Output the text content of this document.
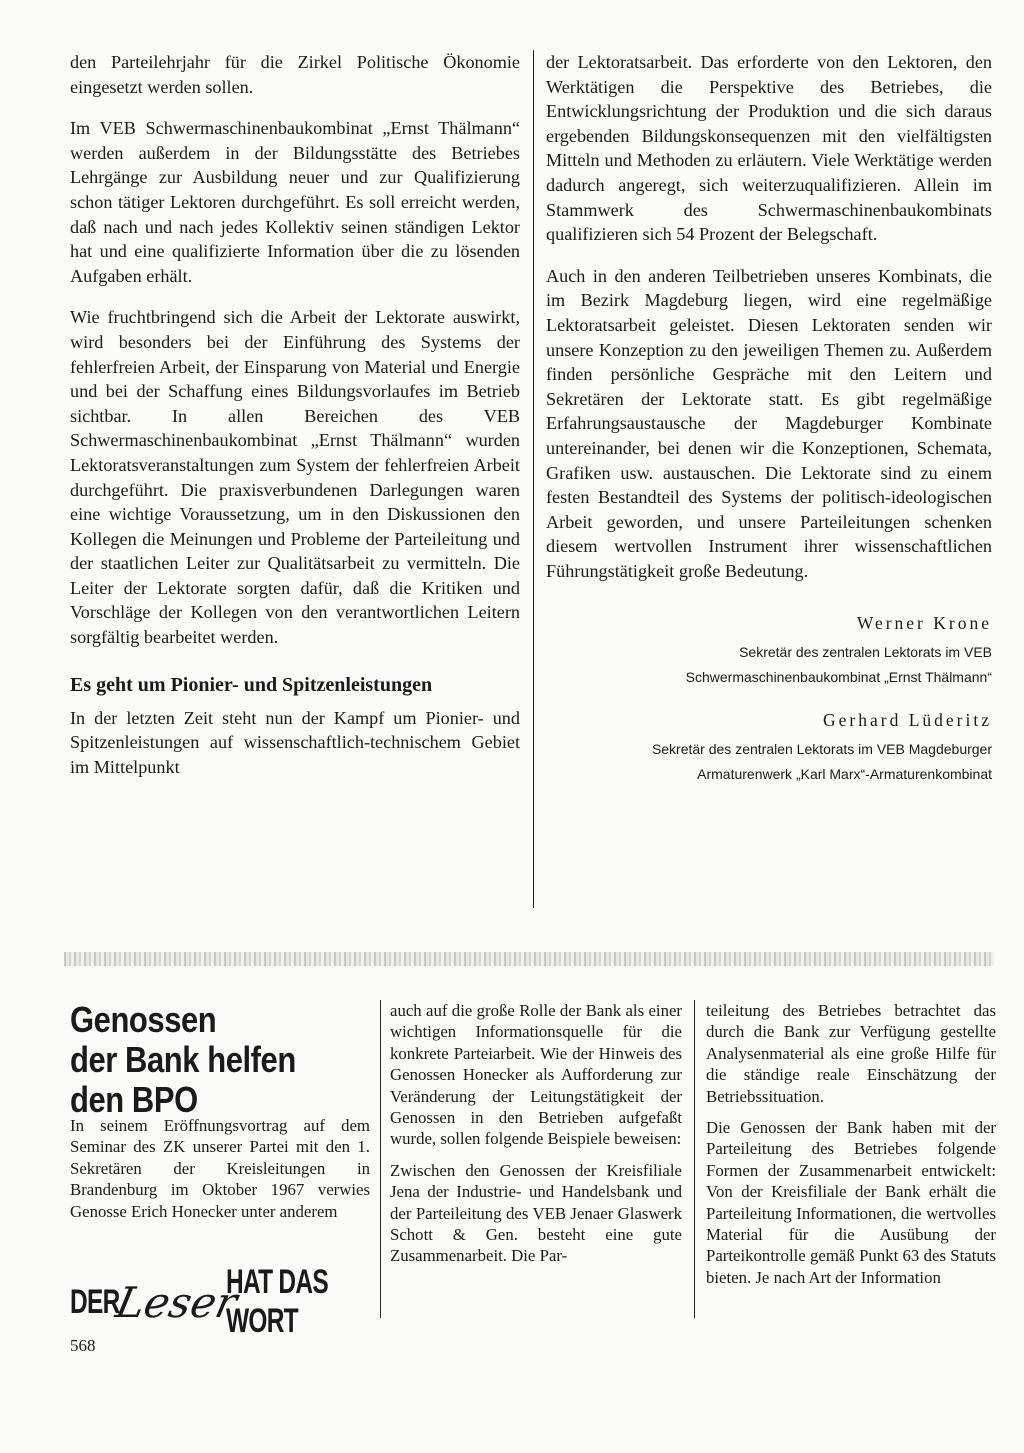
den Parteilehrjahr für die Zirkel Politische Ökonomie eingesetzt werden sollen.

Im VEB Schwermaschinenbaukombinat „Ernst Thälmann“ werden außerdem in der Bildungsstätte des Betriebes Lehrgänge zur Ausbildung neuer und zur Qualifizierung schon tätiger Lektoren durchgeführt. Es soll erreicht werden, daß nach und nach jedes Kollektiv seinen ständigen Lektor hat und eine qualifizierte Information über die zu lösenden Aufgaben erhält.

Wie fruchtbringend sich die Arbeit der Lektorate auswirkt, wird besonders bei der Einführung des Systems der fehlerfreien Arbeit, der Einsparung von Material und Energie und bei der Schaffung eines Bildungsvorlaufes im Betrieb sichtbar. In allen Bereichen des VEB Schwermaschinenbaukombinat „Ernst Thälmann“ wurden Lektoratsveranstaltungen zum System der fehlerfreien Arbeit durchgeführt. Die praxisverbundenen Darlegungen waren eine wichtige Voraussetzung, um in den Diskussionen den Kollegen die Meinungen und Probleme der Parteileitung und der staatlichen Leiter zur Qualitätsarbeit zu vermitteln. Die Leiter der Lektorate sorgten dafür, daß die Kritiken und Vorschläge der Kollegen von den verantwortlichen Leitern sorgfältig bearbeitet werden.

Es geht um Pionier- und Spitzenleistungen

In der letzten Zeit steht nun der Kampf um Pionier- und Spitzenleistungen auf wissenschaftlich-technischem Gebiet im Mittelpunkt

der Lektoratsarbeit. Das erforderte von den Lektoren, den Werktätigen die Perspektive des Betriebes, die Entwicklungsrichtung der Produktion und die sich daraus ergebenden Bildungskonsequenzen mit den vielfältigsten Mitteln und Methoden zu erläutern. Viele Werktätige werden dadurch angeregt, sich weiterzuqualifizieren. Allein im Stammwerk des Schwermaschinenbaukombinats qualifizieren sich 54 Prozent der Belegschaft.

Auch in den anderen Teilbetrieben unseres Kombinats, die im Bezirk Magdeburg liegen, wird eine regelmäßige Lektoratsarbeit geleistet. Diesen Lektoraten senden wir unsere Konzeption zu den jeweiligen Themen zu. Außerdem finden persönliche Gespräche mit den Leitern und Sekretären der Lektorate statt. Es gibt regelmäßige Erfahrungsaustausche der Magdeburger Kombinate untereinander, bei denen wir die Konzeptionen, Schemata, Grafiken usw. austauschen. Die Lektorate sind zu einem festen Bestandteil des Systems der politisch-ideologischen Arbeit geworden, und unsere Parteileitungen schenken diesem wertvollen Instrument ihrer wissenschaftlichen Führungstätigkeit große Bedeutung.

Werner Krone
Sekretär des zentralen Lektorats im VEB
Schwermaschinenbaukombinat „Ernst Thälmann“
Gerhard Lüderitz
Sekretär des zentralen Lektorats im VEB Magdeburger
Armaturenwerk „Karl Marx“-Armaturenkombinat
Genossen
der Bank helfen
den BPO

In seinem Eröffnungsvortrag auf dem Seminar des ZK unserer Partei mit den 1. Sekretären der Kreisleitungen in Brandenburg im Oktober 1967 verwies Genosse Erich Honecker unter anderem

DER
Leser
HAT DAS WORT

auch auf die große Rolle der Bank als einer wichtigen Informationsquelle für die konkrete Parteiarbeit. Wie der Hinweis des Genossen Honecker als Aufforderung zur Veränderung der Leitungstätigkeit der Genossen in den Betrieben aufgefaßt wurde, sollen folgende Beispiele beweisen:

Zwischen den Genossen der Kreisfiliale Jena der Industrie- und Handelsbank und der Parteileitung des VEB Jenaer Glaswerk Schott & Gen. besteht eine gute Zusammenarbeit. Die Par-

teileitung des Betriebes betrachtet das durch die Bank zur Verfügung gestellte Analysenmaterial als eine große Hilfe für die ständige reale Einschätzung der Betriebssituation.

Die Genossen der Bank haben mit der Parteileitung des Betriebes folgende Formen der Zusammenarbeit entwickelt: Von der Kreisfiliale der Bank erhält die Parteileitung Informationen, die wertvolles Material für die Ausübung der Parteikontrolle gemäß Punkt 63 des Statuts bieten. Je nach Art der Information

568
